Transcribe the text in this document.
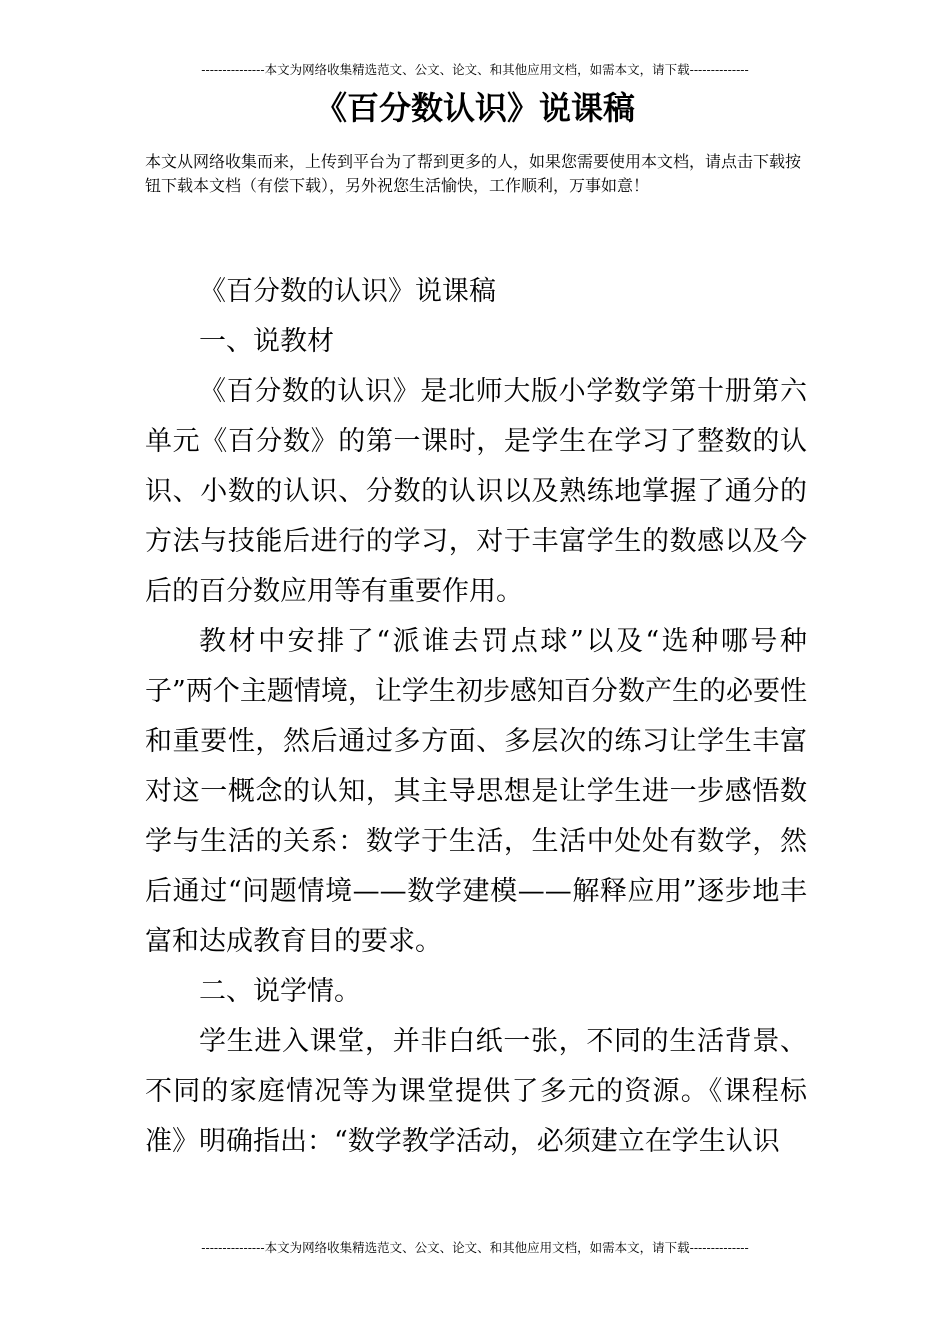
---------------本文为网络收集精选范文、公文、论文、和其他应用文档，如需本文，请下载--------------
《百分数认识》说课稿

本文从网络收集而来，上传到平台为了帮到更多的人，如果您需要使用本文档，请点击下载按钮下载本文档（有偿下载），另外祝您生活愉快，工作顺利，万事如意！

《百分数的认识》说课稿

一、说教材

《百分数的认识》是北师大版小学数学第十册第六单元《百分数》的第一课时，是学生在学习了整数的认识、小数的认识、分数的认识以及熟练地掌握了通分的方法与技能后进行的学习，对于丰富学生的数感以及今后的百分数应用等有重要作用。

教材中安排了“派谁去罚点球”以及“选种哪号种子”两个主题情境，让学生初步感知百分数产生的必要性和重要性，然后通过多方面、多层次的练习让学生丰富对这一概念的认知，其主导思想是让学生进一步感悟数学与生活的关系：数学于生活，生活中处处有数学，然后通过“问题情境——数学建模——解释应用”逐步地丰富和达成教育目的要求。

二、说学情。

学生进入课堂，并非白纸一张，不同的生活背景、不同的家庭情况等为课堂提供了多元的资源。《课程标准》明确指出：“数学教学活动，必须建立在学生认识

---------------本文为网络收集精选范文、公文、论文、和其他应用文档，如需本文，请下载--------------
